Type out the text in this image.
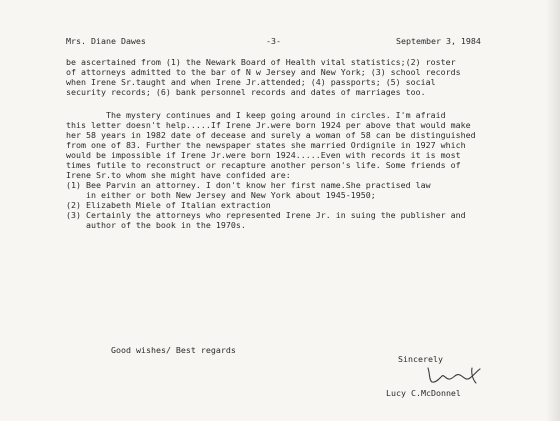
Mrs. Diane Dawes	-3-	September 3, 1984
be ascertained from (1) the Newark Board of Health vital statistics;(2) roster
of attorneys admitted to the bar of N w Jersey and New York; (3) school records
when Irene Sr.taught and when Irene Jr.attended; (4) passports; (5) social
security records; (6) bank personnel records and dates of marriages too.
The mystery continues and I keep going around in circles. I'm afraid
this letter doesn't help.....If Irene Jr.were born 1924 per above that would make
her 58 years in 1982 date of decease and surely a woman of 58 can be distinguished
from one of 83. Further the newspaper states she married Ordignile in 1927 which
would be impossible if Irene Jr.were born 1924.....Even with records it is most
times futile to reconstruct or recapture another person's life. Some friends of
Irene Sr.to whom she might have confided are:
(1) Bee Parvin an attorney. I don't know her first name.She practised law
in either or both New Jersey and New York about 1945-1950;
(2) Elizabeth Miele of Italian extraction
(3) Certainly the attorneys who represented Irene Jr. in suing the publisher and
author of the book in the 1970s.
Good wishes/ Best regards
Sincerely
Lucy C.McDonnel
